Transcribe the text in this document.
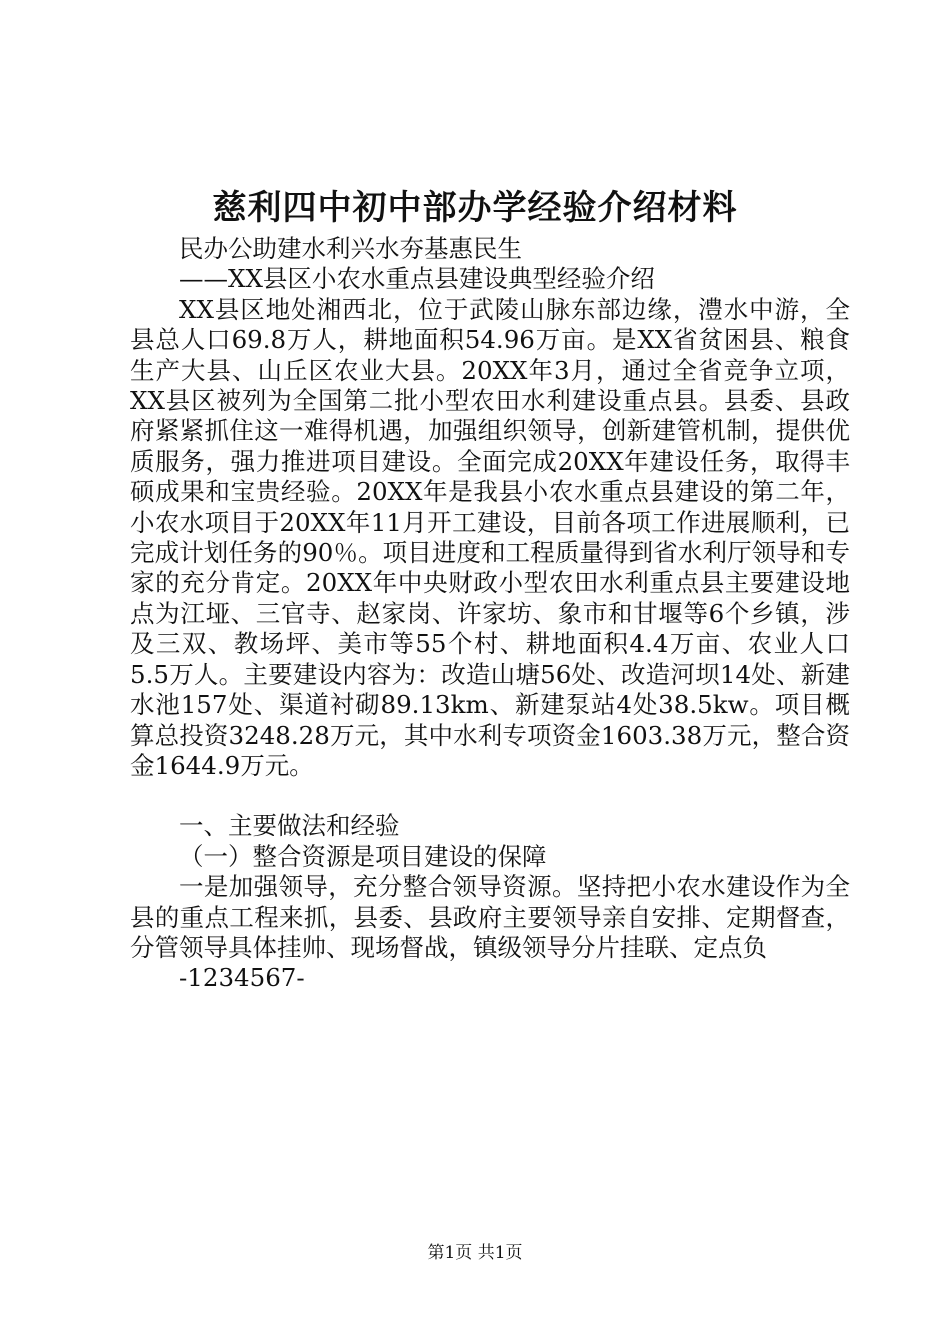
慈利四中初中部办学经验介绍材料

民办公助建水利兴水夯基惠民生

——XX县区小农水重点县建设典型经验介绍

XX县区地处湘西北，位于武陵山脉东部边缘，澧水中游，全县总人口69.8万人，耕地面积54.96万亩。是XX省贫困县、粮食生产大县、山丘区农业大县。20XX年3月，通过全省竞争立项，XX县区被列为全国第二批小型农田水利建设重点县。县委、县政府紧紧抓住这一难得机遇，加强组织领导，创新建管机制，提供优质服务，强力推进项目建设。全面完成20XX年建设任务，取得丰硕成果和宝贵经验。20XX年是我县小农水重点县建设的第二年，小农水项目于20XX年11月开工建设，目前各项工作进展顺利，已完成计划任务的90％。项目进度和工程质量得到省水利厅领导和专家的充分肯定。20XX年中央财政小型农田水利重点县主要建设地点为江垭、三官寺、赵家岗、许家坊、象市和甘堰等6个乡镇，涉及三双、教场坪、美市等55个村、耕地面积4.4万亩、农业人口5.5万人。主要建设内容为：改造山塘56处、改造河坝14处、新建水池157处、渠道衬砌89.13km、新建泵站4处38.5kw。项目概算总投资3248.28万元，其中水利专项资金1603.38万元，整合资金1644.9万元。

一、主要做法和经验

（一）整合资源是项目建设的保障

一是加强领导，充分整合领导资源。坚持把小农水建设作为全县的重点工程来抓，县委、县政府主要领导亲自安排、定期督查，分管领导具体挂帅、现场督战，镇级领导分片挂联、定点负

-1234567-

第1页 共1页
